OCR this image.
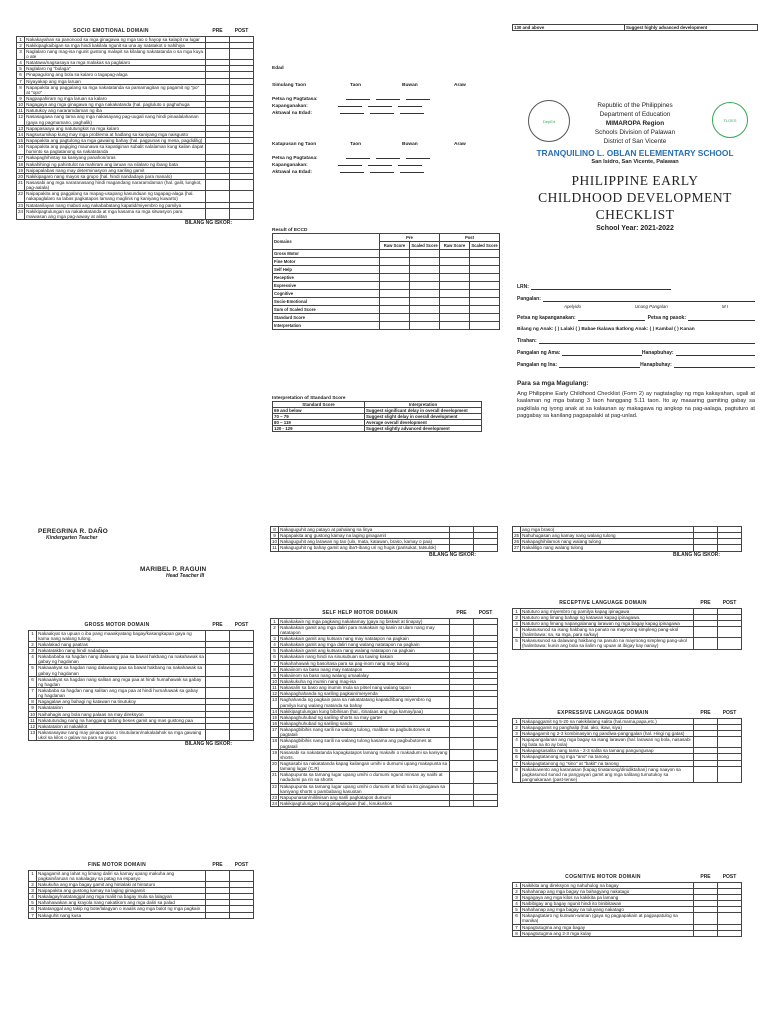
SOCIO EMOTIONAL DOMAIN		PRE	POST
1	Nakakayahan sa panonood sa mga ginagawa ng mga tao o hayop sa kalapit na lugar		
2	Nakikipagkaibigan sa mga hindi kakilala ngunit sa una ay natatakot o nahihiya		
3	Naglalaro nang mag-isa ngunit gustong malapit sa kilalang nakatatanda o sa mga kuya o ate		
4	Natatawa/nagsasaya sa mga malakas sa paglalaro		
5	Naglalaro ng "bulaga"		
6	Pinapagulong ang bola sa kalaro o tagapag-alaga		
7	Niyayakap ang mga laruan		
8	Napapakita ang paggalang sa mga nakatatanda sa pamamagitan ng pagamit ng "po" at "opo"		
9	Nagpapahiram ng mga laruan sa kalaro		
10	Nagagaya ang mga ginagawa ng mga nakakatanda (hal. pagluluto o paghuhuga		
11	Natutukoy ang nararamdaman ng iba		
12	Nasasagawa nang tama ang mga nakasayang pag-uugali nang hindi pinaalalahanan (gaya ng pagmamano, paghalik)		
13	Napapasaaya ang natutungkot na mga kalaro		
14	Nagsusumikap kung may mga problema at hadlang sa kaniyang mga naisgusto		
15	Napapakita ang pagtulong sa mga gawaing bahay (hal. pagpunas ng mesa, pagdidilig)		
16	Napapakita ang pagiging maunawa sa kapatiginan subalit nalalaman kung kailan dapat huminto sa pagtatanong sa nakatatanda		
17	Nakapaghihintay sa kaniyang panahon/oras		
18	Nakahihingi ng pahintulot na mahiram ang laruan na nilalaro ng ibang bata		
19	Naipapalabas nang may determinasyon ang sariling gamit		
20	Nakikipagaro nang mayos sa grupo (hal. hindi nandadaya para manalo)		
21	Nasasabi ang mga nararanasang hindi magandang nararamdaman (hal. galit, lungkot, pag-aalala)		
22	Naipapakita ang paggalang sa mapag-usapang kasunduan ng tagapag-alaga (hal. nakapaglalaro sa labas pagkatapos lamang maglinis ng kaniyang kuwarto)		
23	Natatanilayan nang mabuti ang nakababatang kapatid/miyembro ng pamilya		
24	Nakikipagtulungan sa nakakatatanda at mga kasama sa mga sitwasyon para maiwasan ang mga pag-aaway at alitan		
BILANG NG ISKOR:
Edad
Simulang Taon	Taon	Buwan	Araw
Petsa ng Pagtatasa:
Kapanganakan:
Aktuwal na Edad:
Katapusan ng Taon	Taon	Buwan	Araw
Petsa ng Pagtatasa:
Kapanganakan:
Aktuwal na Edad:
Result of ECCD
Domains	Pre		Post	
	Raw Score	Scaled Score	Raw Score	Scaled Score
Gross Motor				
Fine Motor				
Self Help				
Receptive				
Expressive				
Cognitive				
Socio-Emotional				
Sum of Scaled Score				
Standard Score				
Interpretation				
Interpretation of Standard Score
Standard Score	Interpretation
69 and below	Suggest significant delay in overall development
70 – 79	Suggest slight delay in overall development
80 – 119	Average overall development
120 - 129	Suggest slightly advanced development
130 and above	Suggest highly advanced development
DepEd	TLOES
Republic of the Philippines
Department of Education
MIMAROPA Region
Schools Division of Palawan
District of San Vicente
TRANQUILINO L. OBLAN ELEMENTARY SCHOOL
San Isidro, San Vicente, Palawan
PHILIPPINE EARLY
CHILDHOOD DEVELOPMENT
CHECKLIST
School Year: 2021-2022
LRN:
Pangalan:
Apelyido	Unang Pangalan	M.I
Petsa ng kapanganakan:	Petsa ng pasok:
Bilang ng Anak: ( ) Lalaki ( ) Babae Ikalawa Ikatlong Anak: ( ) Kambal ( ) Kanan
Tirahan:
Pangalan ng Ama:	Hanapbuhay:
Pangalan ng Ina:	Hanapbuhay:
Para sa mga Magulang:
Ang Philippine Early Childhood Checklist (Form 2) ay nagtataglay ng mga kakayahan, ugali at kaalaman ng mga batang 3 taon hanggang 5.11 taon. Ito ay maaaring gamiting gabay sa pagkilala ng iyong anak at sa kalaunan ay makagawa ng angkop na pag-aalaga, pagtuturo at paggabay sa kanilang pagpapalaki at pag-unlad.
PEREGRINA R. DAÑO
Kindergarten Teacher
MARIBEL P. RAGUIN
Head Teacher III
GROSS MOTOR DOMAIN		PRE	POST
1	Nakaakyat sa upuan o iba pang maaakyatang bagay/kasangkapan gaya ng kama nang walang tulong.		
2	Nakalakad nang paatras		
3	Nakatatakbo nang hindi nadadapa		
4	Nakabababa sa hagdan nang dalawang paa sa bawat hakbang na nakahawak sa gabay ng hagdanan		
5	Nakaaakyat sa hagdan nang dalawang paa sa bawat hakbang na nakahawak sa gabay ng hagdanan		
6	Nakaaakyat sa hagdan nang salitan ang mga paa at hindi humahawak sa gabay ng hagdan		
7	Nakababa sa hagdan nang salitan ang mga paa at hindi humahawak sa gabay ng hagdanan		
8	Nagagalaw ang bahagi ng katawan na tinutukoy		
9	Nakatatalon		
10	Naihahagis ang bola nang palaas na may direksyon		
11	Nakatutundag nang na hanggang tatlong beses gamit ang mas gustong paa		
12	Nakatatalon at nakakilot		
13	Nakasasayaw nang may pinapanisan o tinutularan/nakalalahok sa mga gawaing ukol sa kilos o galaw na para sa grupo.		
BILANG NG ISKOR:
FINE MOTOR DOMAIN		PRE	POST
1	Nagagamit ang lahat ng limang daliri sa kamay upang makuha ang pagkain/laruan na nakalagay sa patag na espasyo		
2	Nakukuha ang mga bagay gamit ang hinlalaki at hintuturo		
3	Naipapakita ang gustong kamay na laging ginagamit		
4	Nakalagay/natatanggal ang mga maliit na bagay mula sa lalagyan		
5	Nahahawakan ang krayola nang nakatikom ang mga daliri sa palad		
6	Natatanggal ang takip ng bote/lalagyan o inaalis ang mga balot ng mga pagkain		
7	Nakaguhit nang kusa		
8	Nakaguguhit ang patayo at pahalang na linya		
9	Napapakita ang gustong kamay na laging ginagamit		
10	Nakaguguhit ang larawan ng tao (ulo, mata, katawan, braso, kamay o paa)		
11	Nakaguguhit ng bahay gamit ang iba't-ibang uri ng hugis (parisukat, tatsulok)		
BILANG NG ISKOR:
SELF HELP MOTOR DOMAIN		PRE	POST
1	Nakakakain ng mga pagkaing nakakamay (gaya ng biskwit at tinapay)		
2	Nakakakain gamit ang mga daliri para makakain ng kanin at ulam nang may natatapon		
3	Nakakakain gamit ang kutsara nang may natatapon na pagkain		
4	Nakakakain gamit ang mga daliri nang walang natatapon na pagkain		
5	Nakakakain gamit ang kutsara nang walang natatapon na pagkain		
6	Nakakakain nang hindi na sinusubuan sa tuwing kakain		
7	Nakahahawak ng baso/tasa para sa pag-inom nang may tulong		
8	Nakaiinom sa baso nang may natatapon		
9	Nakaiinom sa baso nang walang umaalalay		
10	Nakakukuha ng inumin nang mag-isa		
11	Nakasalin sa baso ang inumin mula sa pitsel nang walang tapon		
12	Nakapaghahanda ng sariling pagkain/meryenda		
13	Naghahanda ng pagkain para sa nakatatatang kapatid/ibang miyembro ng pamilya kung walang matanda sa bahay		
14	Nakikipagtulungan kung bibihisan (hal., itinataas ang mga kamay/paa)		
15	Nakapaghuhubad ng sariling shorts na may garter		
16	Nakapaghuhubad ng sariling sando		
17	Nakapagbibihis nang sarili na walang tulong, maliban sa pagbubutones at pagtatali		
18	Nakapagbibihis nang sarili na walang tulong kasama ang pagbubutones at pagtatali		
19	Nasasabi sa nakatatanda kapagkatapos lamang makaihi o makadumi sa kaniyang shorts.		
20	Nagsasabi sa nakatatanda kapag kailangan umihi o dumumi upang makapunta sa tamang lugar (C.R)		
21	Nakapupunta sa tamang lugar upang umihi o dumumi ngunit minsan ay naiihi at nadudumi pa rin sa shorts		
22	Nakapupunta sa tamang lugar upang umihi o dumumi at hindi na ito ginagawa sa kaniyang shorts o pambabang kasuotan		
23	Napupunasan/nililinisan ang sarili pagkatapos dumumi		
24	Nakikipagtulungan kung pinapaliguan (hal., kinukuskos		
	ang mga braso)		
25	Nahuhugasan ang kamay nang walang tulong		
26	Nakapaghihilamos nang walang tulong		
27	Nakaliligo nang walang tulong		
BILANG NG ISKOR:
RECEPTIVE LANGUAGE DOMAIN		PRE	POST
1	Natuturo ang miyembro ng pamilya kapag ipinagawa		
2	Natuturo ang limang bahagi ng katawan kapag ipinagawa.		
3	Natuturo ang limang napangalanang larawan ng mga bagay kapag ipinagawa		
4	Nakasusunod sa isang hakbang na panuto na mayroong simpleng pang-ukol (halimbawa: sa, sa mga, para sa/kay)		
5	Nakasusunod sa dalawang hakbang na panuto na mayroong simpleng pang-ukol (halimbawa: kunin ang bola sa ilalim ng upuan at ibigay kay nanay)		
EXPRESSIVE LANGUAGE DOMAIN		PRE	POST
1	Nakapaggamit ng 5-20 na nakikilalang salita (hal.mama,papa,etc.)		
2	Nakapaggamit ng panghalip (hal. ako, ikaw, siya)		
3	Nakagagamit ng 2-3 kombinasyon ng pandiwa-pangngalan (hal. Hingi ng gatas)		
4	Napapangalanan ang mga bagay sa isang larawan (hal. larawan ng bola, nasasabi ng bata na ito ay bola)		
5	Nakapagsasalita nang tama - 2-3 salita sa tamang pangungusap		
6	Nakapagtatanong ng mga "ano" na tanong		
7	Nakapagtatanong ng "sino" at "bakit" na tanong		
8	Nakakuwento ang karanasan (kapag tinatanong/dinidiktahan) nang naayon sa pagkasunod sunod na pangyayari gamit ang mga salitang tumutukoy sa pangnakaraan (past-tense)		
COGNITIVE MOTOR DOMAIN		PRE	POST
1	Naikikita ang direksyon ng nahuhulog na bagay		
2	Nahahanap ang mga bagay na bahagyang nakatago		
3	Nagagaya ang mga kilos na kakikita pa lamang		
4	Naibibigay ang bagay ngunit hindi ito binibitawan		
5	Nahahanap ang mga bagay na tuluyang nakatago		
6	Nakapagtataro ng kunwan-wanan (gaya ng pagpapakain at pagpapatulog sa manika)		
7	Napagtutugma ang mga bagay		
8	Napagtutugma ang 2-3 mga kulay		
